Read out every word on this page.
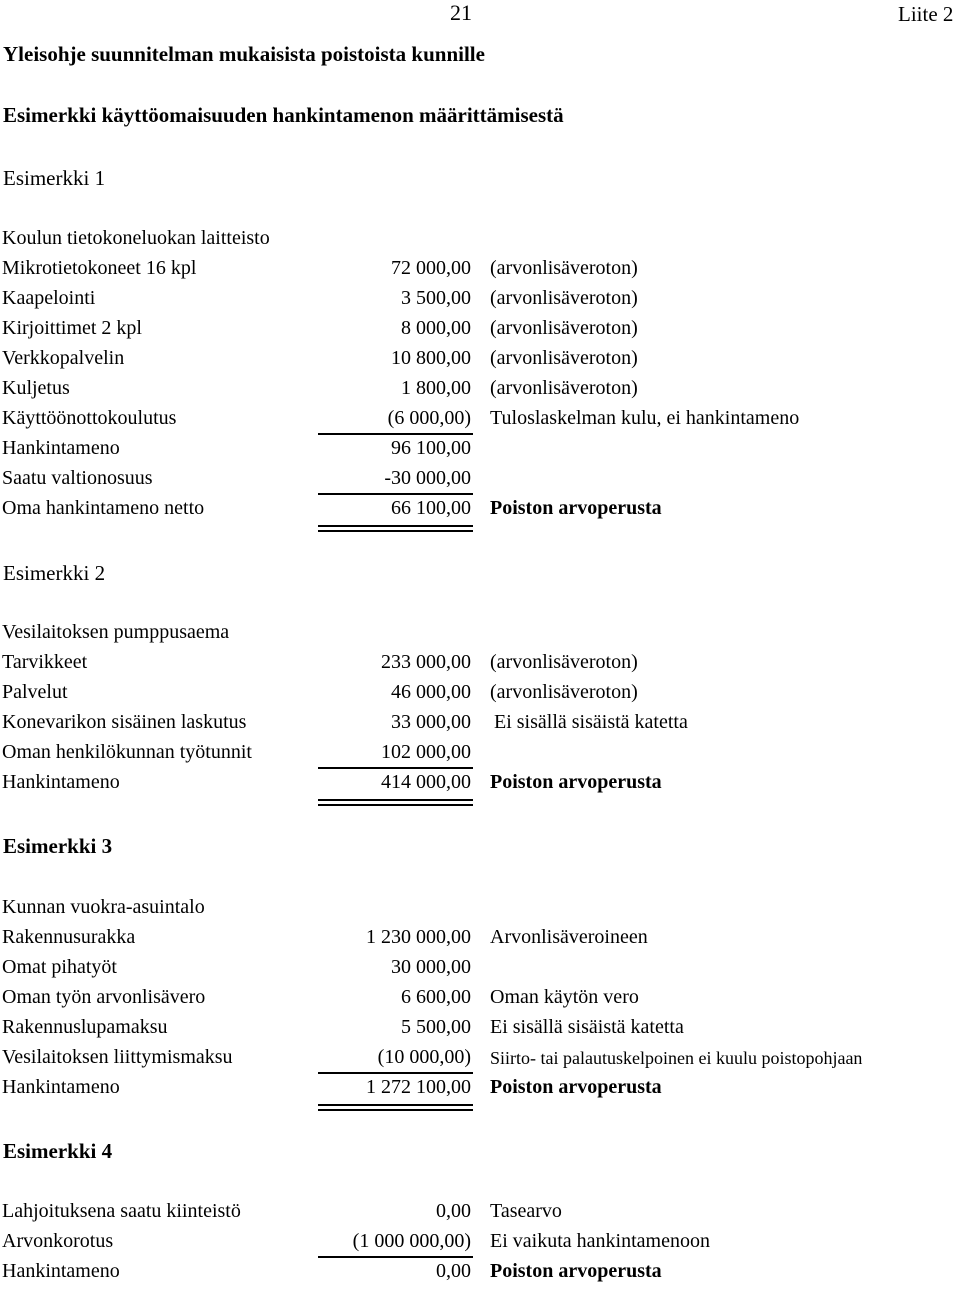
21	Liite 2
Yleisohje suunnitelman mukaisista poistoista kunnille
Esimerkki käyttöomaisuuden hankintamenon määrittämisestä
Esimerkki 1
Koulun tietokoneluokan laitteisto
Mikrotietokoneet 16 kpl	72 000,00 (arvonlisäveroton)
Kaapelointi	3 500,00 (arvonlisäveroton)
Kirjoittimet 2 kpl	8 000,00 (arvonlisäveroton)
Verkkopalvelin	10 800,00 (arvonlisäveroton)
Kuljetus	1 800,00 (arvonlisäveroton)
Käyttöönottokoulutus	(6 000,00) Tuloslaskelman kulu, ei hankintameno
Hankintameno	96 100,00
Saatu valtionosuus	-30 000,00
Oma hankintameno netto	66 100,00 Poiston arvoperusta
Esimerkki 2
Vesilaitoksen pumppusaema
Tarvikkeet	233 000,00 (arvonlisäveroton)
Palvelut	46 000,00 (arvonlisäveroton)
Konevarikon sisäinen laskutus	33 000,00 Ei sisällä sisäistä katetta
Oman henkilökunnan työtunnit	102 000,00
Hankintameno	414 000,00 Poiston arvoperusta
Esimerkki 3
Kunnan vuokra-asuintalo
Rakennusurakka	1 230 000,00 Arvonlisäveroineen
Omat pihatyöt	30 000,00
Oman työn arvonlisävero	6 600,00 Oman käytön vero
Rakennuslupamaksu	5 500,00 Ei sisällä sisäistä katetta
Vesilaitoksen liittymismaksu	(10 000,00) Siirto- tai palautuskelpoinen ei kuulu poistopohjaan
Hankintameno	1 272 100,00 Poiston arvoperusta
Esimerkki 4
Lahjoituksena saatu kiinteistö	0,00 Tasearvo
Arvonkorotus	(1 000 000,00) Ei vaikuta hankintamenoon
Hankintameno	0,00 Poiston arvoperusta
